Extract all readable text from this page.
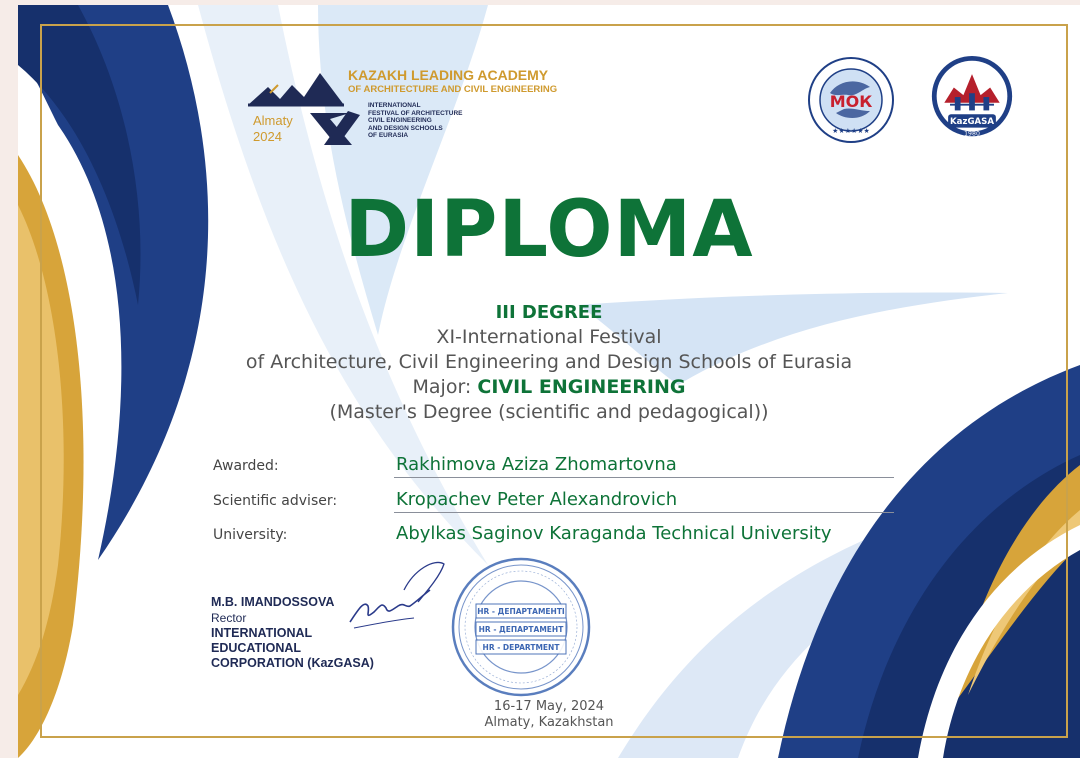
KAZAKH LEADING ACADEMY
OF ARCHITECTURE AND CIVIL ENGINEERING
INTERNATIONAL
FESTIVAL OF ARCHITECTURE
CIVIL ENGINEERING
AND DESIGN SCHOOLS
OF EURASIA
Almaty
2024
МОК
★★★★★★
KazGASA
1980
DIPLOMA
III DEGREE
XI-International Festival
of Architecture, Civil Engineering and Design Schools of Eurasia
Major: CIVIL ENGINEERING
(Master's Degree (scientific and pedagogical))
Awarded:	Rakhimova Aziza Zhomartovna
Scientific adviser:	Kropachev Peter Alexandrovich
University:	Abylkas Saginov Karaganda Technical University
M.B. IMANDOSSOVA
Rector
INTERNATIONAL
EDUCATIONAL
CORPORATION (KazGASA)
HR - ДЕПАРТАМЕНТІ
HR - ДЕПАРТАМЕНТ
HR - DEPARTMENT
16-17 May, 2024
Almaty, Kazakhstan
